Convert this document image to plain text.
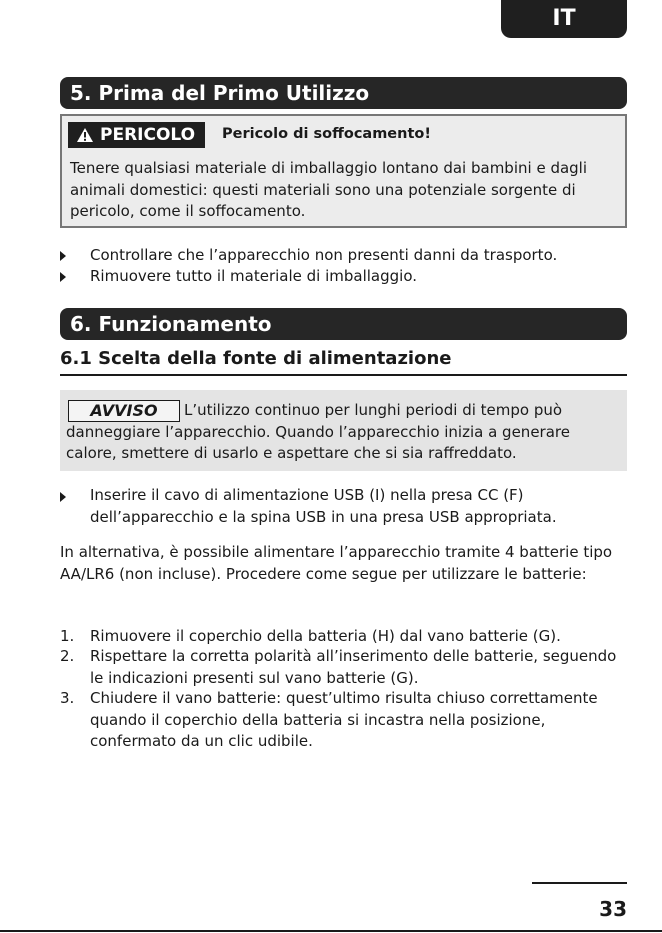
IT
5. Prima del Primo Utilizzo
PERICOLO Pericolo di soffocamento!

Tenere qualsiasi materiale di imballaggio lontano dai bambini e dagli animali domestici: questi materiali sono una potenziale sorgente di pericolo, come il soffocamento.

Controllare che l’apparecchio non presenti danni da trasporto.
Rimuovere tutto il materiale di imballaggio.
6. Funzionamento
6.1 Scelta della fonte di alimentazione
AVVISO	L’utilizzo continuo per lunghi periodi di tempo può danneggiare l’apparecchio. Quando l’apparecchio inizia a generare calore, smettere di usarlo e aspettare che si sia raffreddato.

Inserire il cavo di alimentazione USB (I) nella presa CC (F) dell’apparecchio e la spina USB in una presa USB appropriata.

In alternativa, è possibile alimentare l’apparecchio tramite 4 batterie tipo AA/LR6 (non incluse). Procedere come segue per utilizzare le batterie:

1. Rimuovere il coperchio della batteria (H) dal vano batterie (G).
2. Rispettare la corretta polarità all’inserimento delle batterie, seguendo le indicazioni presenti sul vano batterie (G).
3. Chiudere il vano batterie: quest’ultimo risulta chiuso correttamente quando il coperchio della batteria si incastra nella posizione, confermato da un clic udibile.
33
